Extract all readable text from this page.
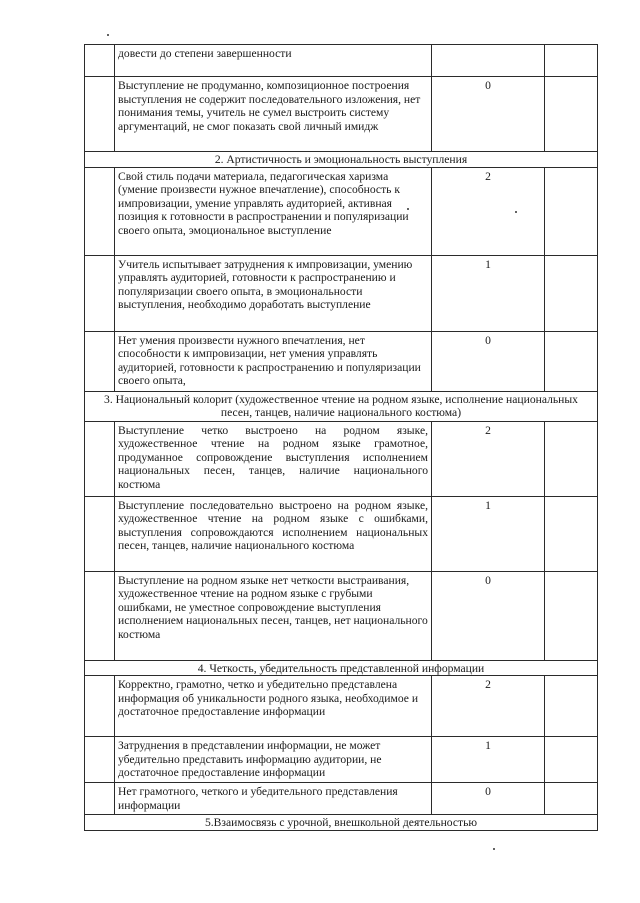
	довести до степени завершенности		
	Выступление не продуманно, композиционное построения выступления не содержит последовательного изложения, нет понимания темы, учитель не сумел выстроить систему аргументаций, не смог показать свой личный имидж	0	
2. Артистичность и эмоциональность выступления			
	Свой стиль подачи материала, педагогическая харизма (умение произвести нужное впечатление), способность к импровизации, умение управлять аудиторией, активная позиция к готовности в распространении и популяризации своего опыта, эмоциональное выступление	2	
	Учитель испытывает затруднения к импровизации, умению управлять аудиторией, готовности к распространению и популяризации своего опыта, в эмоциональности выступления, необходимо доработать выступление	1	
	Нет умения произвести нужного впечатления, нет способности к импровизации, нет умения управлять аудиторией, готовности к распространению и популяризации своего опыта,	0	
3. Национальный колорит (художественное чтение на родном языке, исполнение национальных песен, танцев, наличие национального костюма)			
	Выступление четко выстроено на родном языке, художественное чтение на родном языке грамотное, продуманное сопровождение выступления исполнением национальных песен, танцев, наличие национального костюма	2	
	Выступление последовательно выстроено на родном языке, художественное чтение на родном языке с ошибками, выступления сопровождаются исполнением национальных песен, танцев, наличие национального костюма	1	
	Выступление на родном языке нет четкости выстраивания, художественное чтение на родном языке с грубыми ошибками, не уместное сопровождение выступления исполнением национальных песен, танцев, нет национального костюма	0	
4. Четкость, убедительность представленной информации			
	Корректно, грамотно, четко и убедительно представлена информация об уникальности родного языка, необходимое и достаточное предоставление информации	2	
	Затруднения в представлении информации, не может убедительно представить информацию аудитории, не достаточное предоставление информации	1	
	Нет грамотного, четкого и убедительного представления информации	0	
5.Взаимосвязь с урочной, внешкольной деятельностью			
